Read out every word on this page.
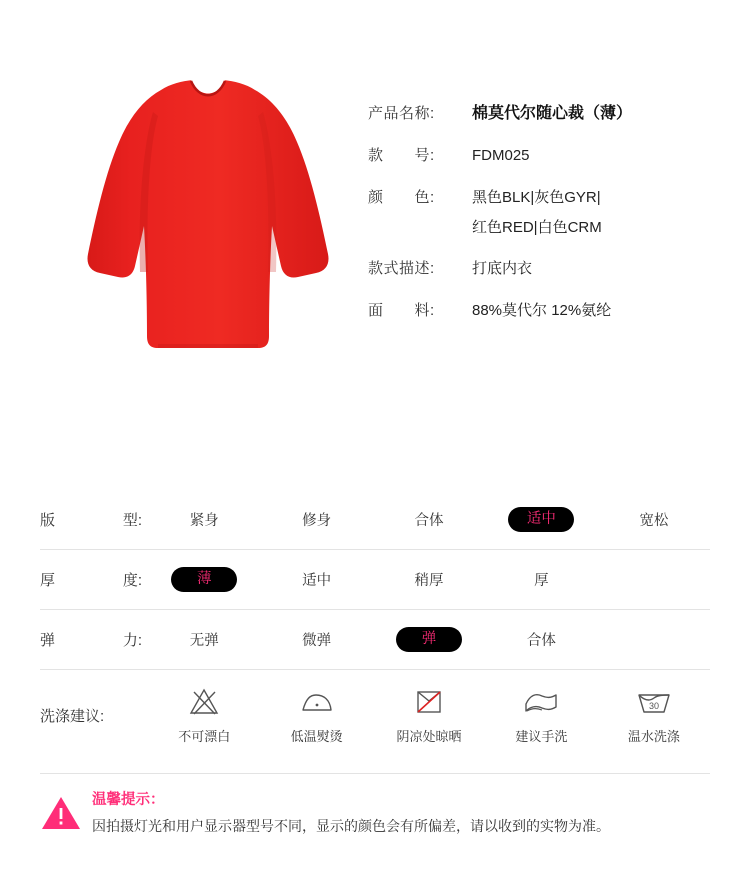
产品名称:	棉莫代尔随心裁（薄）
款　　号:	FDM025
颜　　色:	黑色BLK|灰色GYR|
红色RED|白色CRM
款式描述:	打底内衣
面　　料:	88%莫代尔 12%氨纶
版	型:	紧身	修身	合体	适中	宽松
厚	度:	薄	适中	稍厚	厚
弹	力:	无弹	微弹	弹	合体
洗涤建议:
不可漂白	低温熨烫	阴凉处晾晒	建议手洗
30
温水洗涤
温馨提示：
因拍摄灯光和用户显示器型号不同，显示的颜色会有所偏差，请以收到的实物为准。
